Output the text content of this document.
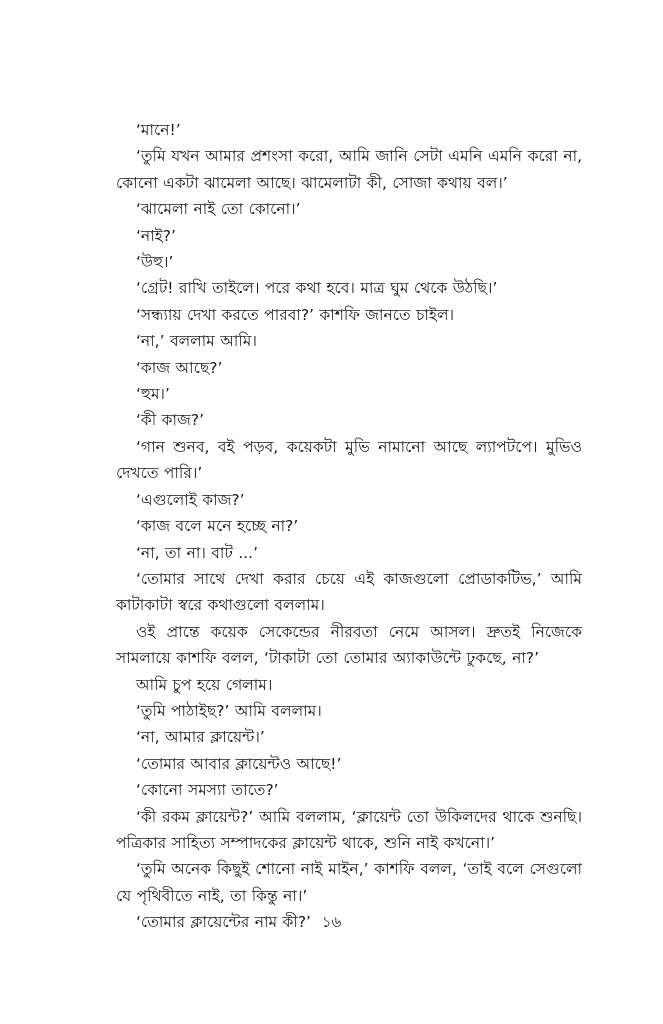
‘মানে!’

‘তুমি যখন আমার প্রশংসা করো, আমি জানি সেটা এমনি এমনি করো না, কোনো একটা ঝামেলা আছে। ঝামেলাটা কী, সোজা কথায় বল।’

‘ঝামেলা নাই তো কোনো।’

‘নাই?’

‘উহু।’

‘গ্রেট! রাখি তাইলে। পরে কথা হবে। মাত্র ঘুম থেকে উঠছি।’

‘সন্ধ্যায় দেখা করতে পারবা?’ কাশফি জানতে চাইল।

‘না,’ বললাম আমি।

‘কাজ আছে?’

‘হুম।’

‘কী কাজ?’

‘গান শুনব, বই পড়ব, কয়েকটা মুভি নামানো আছে ল্যাপটপে। মুভিও দেখতে পারি।’

‘এগুলোই কাজ?’

‘কাজ বলে মনে হচ্ছে না?’

‘না, তা না। বাট ...’

‘তোমার সাথে দেখা করার চেয়ে এই কাজগুলো প্রোডাকটিভ,’ আমি কাটাকাটা স্বরে কথাগুলো বললাম।

ওই প্রান্তে কয়েক সেকেন্ডের নীরবতা নেমে আসল। দ্রুতই নিজেকে সামলায়ে কাশফি বলল, ‘টাকাটা তো তোমার অ্যাকাউন্টে ঢুকছে, না?’

আমি চুপ হয়ে গেলাম।

‘তুমি পাঠাইছ?’ আমি বললাম।

‘না, আমার ক্লায়েন্ট।’

‘তোমার আবার ক্লায়েন্টও আছে!’

‘কোনো সমস্যা তাতে?’

‘কী রকম ক্লায়েন্ট?’ আমি বললাম, ‘ক্লায়েন্ট তো উকিলদের থাকে শুনছি। পত্রিকার সাহিত্য সম্পাদকের ক্লায়েন্ট থাকে, শুনি নাই কখনো।’

‘তুমি অনেক কিছুই শোনো নাই মাইন,’ কাশফি বলল, ‘তাই বলে সেগুলো যে পৃথিবীতে নাই, তা কিন্তু না।’

‘তোমার ক্লায়েন্টের নাম কী?’ ১৬
